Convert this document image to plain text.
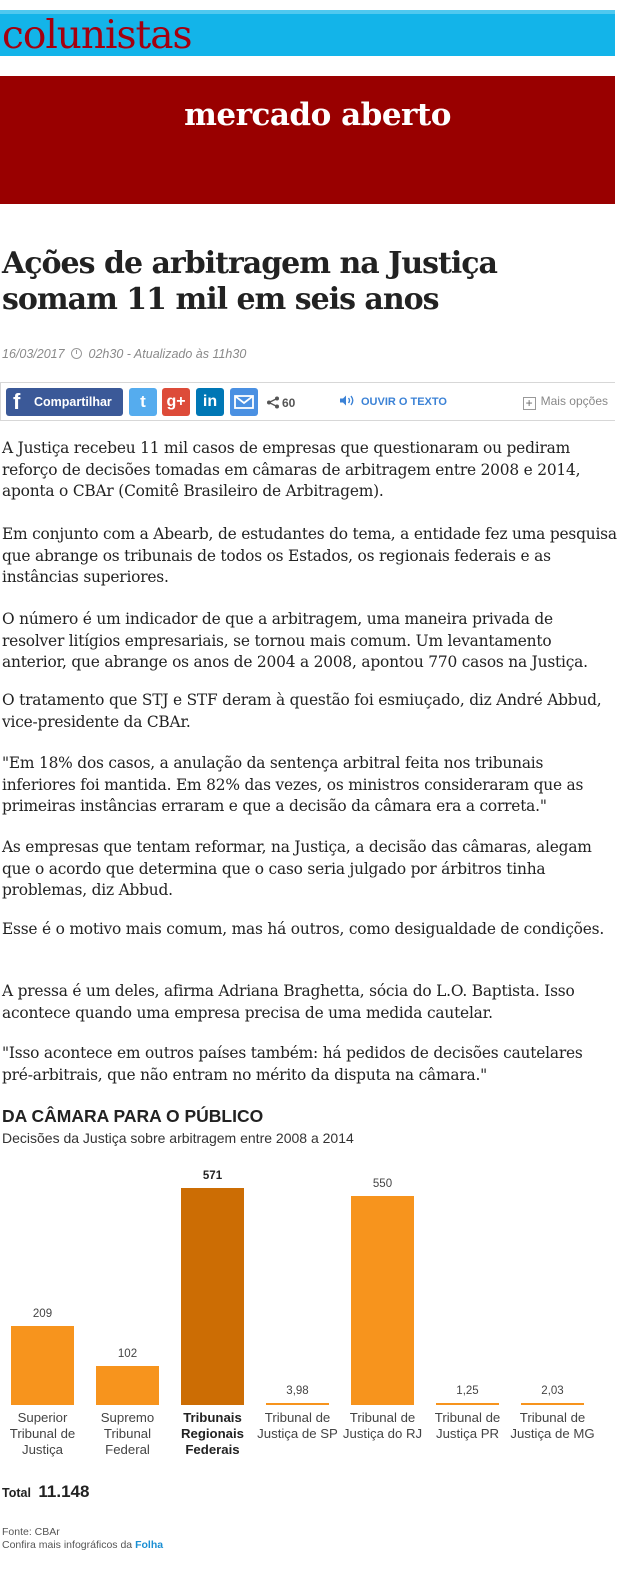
colunistas
mercado aberto
Ações de arbitragem na Justiça somam 11 mil em seis anos
16/03/2017 02h30 - Atualizado às 11h30
f Compartilhar	t	g+	in	60	OUVIR O TEXTO	+ Mais opções

A Justiça recebeu 11 mil casos de empresas que questionaram ou pediram reforço de decisões tomadas em câmaras de arbitragem entre 2008 e 2014, aponta o CBAr (Comitê Brasileiro de Arbitragem).

Em conjunto com a Abearb, de estudantes do tema, a entidade fez uma pesquisa que abrange os tribunais de todos os Estados, os regionais federais e as instâncias superiores.

O número é um indicador de que a arbitragem, uma maneira privada de resolver litígios empresariais, se tornou mais comum. Um levantamento anterior, que abrange os anos de 2004 a 2008, apontou 770 casos na Justiça.

O tratamento que STJ e STF deram à questão foi esmiuçado, diz André Abbud, vice-presidente da CBAr.

"Em 18% dos casos, a anulação da sentença arbitral feita nos tribunais inferiores foi mantida. Em 82% das vezes, os ministros consideraram que as primeiras instâncias erraram e que a decisão da câmara era a correta."

As empresas que tentam reformar, na Justiça, a decisão das câmaras, alegam que o acordo que determina que o caso seria julgado por árbitros tinha problemas, diz Abbud.

Esse é o motivo mais comum, mas há outros, como desigualdade de condições.

A pressa é um deles, afirma Adriana Braghetta, sócia do L.O. Baptista. Isso acontece quando uma empresa precisa de uma medida cautelar.

"Isso acontece em outros países também: há pedidos de decisões cautelares pré-arbitrais, que não entram no mérito da disputa na câmara."

DA CÂMARA PARA O PÚBLICO
Decisões da Justiça sobre arbitragem entre 2008 a 2014
209
Superior Tribunal de Justiça
102
Supremo Tribunal Federal
571
Tribunais Regionais Federais
3,98
Tribunal de Justiça de SP
550
Tribunal de Justiça do RJ
1,25
Tribunal de Justiça PR
2,03
Tribunal de Justiça de MG
Total 11.148
Fonte: CBAr
Confira mais infográficos da Folha
